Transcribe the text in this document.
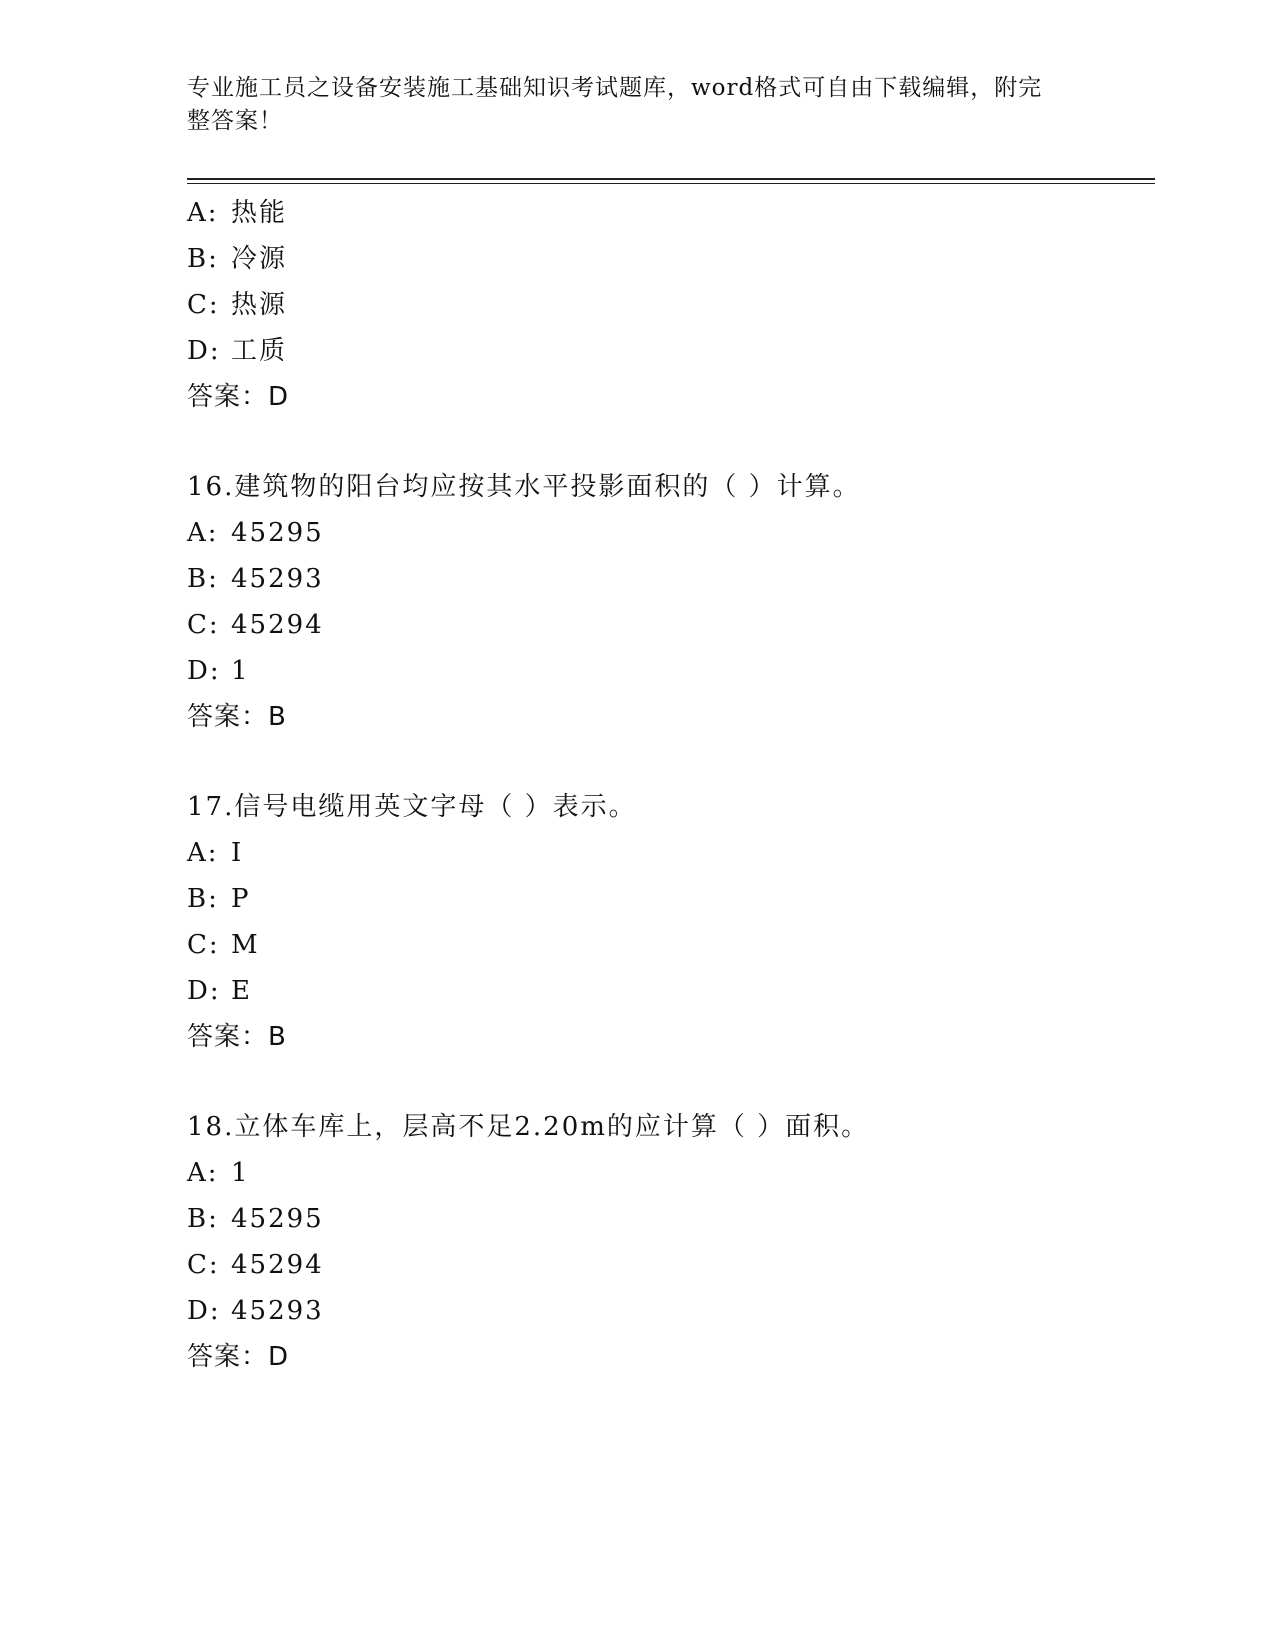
专业施工员之设备安装施工基础知识考试题库，word格式可自由下载编辑，附完
整答案！
A: 热能
B: 冷源
C: 热源
D: 工质
答案：D
16.建筑物的阳台均应按其水平投影面积的（ ）计算。
A: 45295
B: 45293
C: 45294
D: 1
答案：B
17.信号电缆用英文字母（ ）表示。
A: I
B: P
C: M
D: E
答案：B
18.立体车库上，层高不足2.20m的应计算（ ）面积。
A: 1
B: 45295
C: 45294
D: 45293
答案：D
